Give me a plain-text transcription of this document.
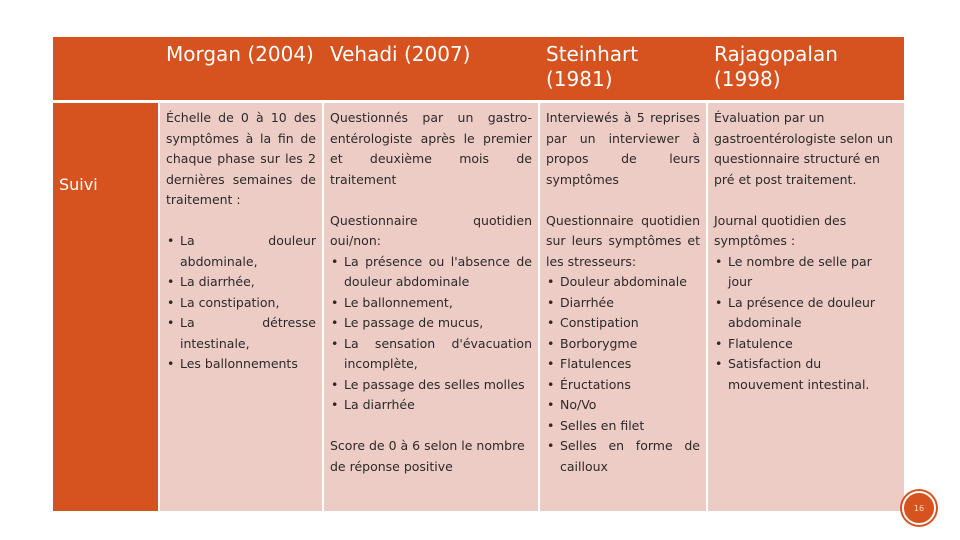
Morgan (2004) Vehadi (2007)	Steinhart (1981)
Rajagopalan (1998)
Suivi
Échelle de 0 à 10 des symptômes à la fin de chaque phase sur les 2 dernières semaines de traitement :
• La douleur abdominale,
• La diarrhée,
• La constipation,
• La détresse intestinale,
• Les ballonnements
Questionnés par un gastro-entérologiste après le premier et deuxième mois de traitement
Questionnaire quotidien oui/non:
• La présence ou l'absence de douleur abdominale
• Le ballonnement,
• Le passage de mucus,
• La sensation d'évacuation incomplète,
• Le passage des selles molles
• La diarrhée
Score de 0 à 6 selon le nombre de réponse positive
Interviewés à 5 reprises par un interviewer à propos de leurs symptômes
Questionnaire quotidien sur leurs symptômes et les stresseurs:
• Douleur abdominale
• Diarrhée
• Constipation
• Borborygme
• Flatulences
• Éructations
• No/Vo
• Selles en filet
• Selles en forme de cailloux
Évaluation par un gastroentérologiste selon un questionnaire structuré en pré et post traitement.
Journal quotidien des symptômes :
• Le nombre de selle par jour
• La présence de douleur abdominale
• Flatulence
• Satisfaction du mouvement intestinal.
16
